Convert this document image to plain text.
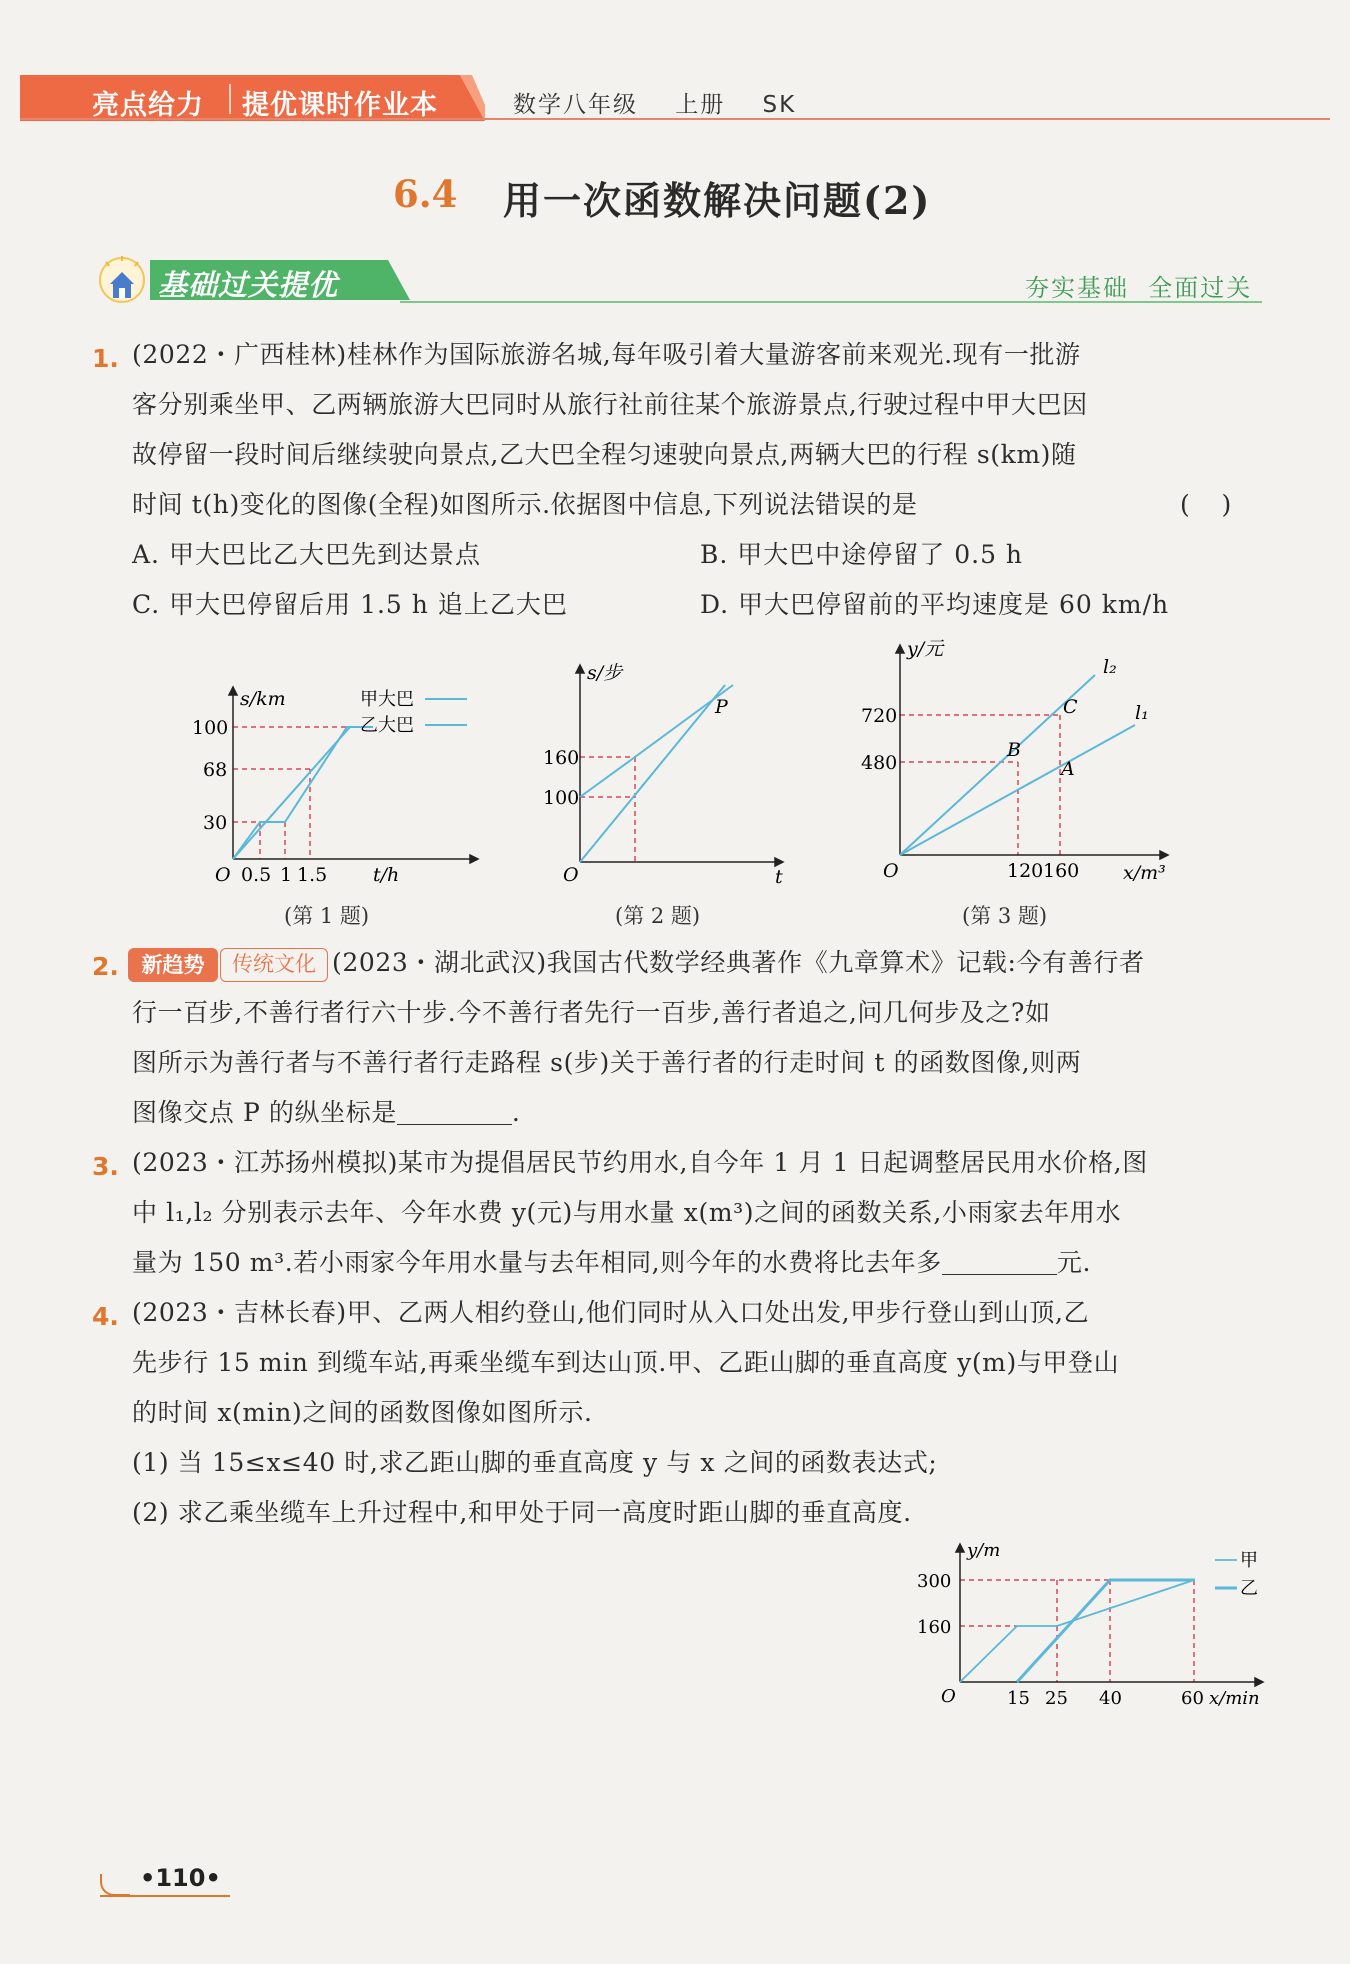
亮点给力 提优课时作业本	数学八年级    上册    SK
6.4 用一次函数解决问题(2)
基础过关提优	夯实基础  全面过关
1. (2022・广西桂林)桂林作为国际旅游名城,每年吸引着大量游客前来观光.现有一批游
客分别乘坐甲、乙两辆旅游大巴同时从旅行社前往某个旅游景点,行驶过程中甲大巴因
故停留一段时间后继续驶向景点,乙大巴全程匀速驶向景点,两辆大巴的行程 s(km)随
时间 t(h)变化的图像(全程)如图所示.依据图中信息,下列说法错误的是	(    )
A. 甲大巴比乙大巴先到达景点	B. 甲大巴中途停留了 0.5 h
C. 甲大巴停留后用 1.5 h 追上乙大巴	D. 甲大巴停留前的平均速度是 60 km/h
s/km
100
68
30
O 0.5 1 1.5 t/h
甲大巴
乙大巴
(第 1 题)
s/步
P
160
100
O	t
(第 2 题)
y/元
l₂
l₁
C
B
A
720
480
O	120 160 x/m³
(第 3 题)
2.	新趋势	传统文化 (2023・湖北武汉)我国古代数学经典著作《九章算术》记载:今有善行者
行一百步,不善行者行六十步.今不善行者先行一百步,善行者追之,问几何步及之?如
图所示为善行者与不善行者行走路程 s(步)关于善行者的行走时间 t 的函数图像,则两
图像交点 P 的纵坐标是	.
3. (2023・江苏扬州模拟)某市为提倡居民节约用水,自今年 1 月 1 日起调整居民用水价格,图
中 l₁,l₂ 分别表示去年、今年水费 y(元)与用水量 x(m³)之间的函数关系,小雨家去年用水
量为 150 m³.若小雨家今年用水量与去年相同,则今年的水费将比去年多	元.
4. (2023・吉林长春)甲、乙两人相约登山,他们同时从入口处出发,甲步行登山到山顶,乙
先步行 15 min 到缆车站,再乘坐缆车到达山顶.甲、乙距山脚的垂直高度 y(m)与甲登山
的时间 x(min)之间的函数图像如图所示.
(1) 当 15≤x≤40 时,求乙距山脚的垂直高度 y 与 x 之间的函数表达式;
(2) 求乙乘坐缆车上升过程中,和甲处于同一高度时距山脚的垂直高度.
y/m
300
160
O	15 25 40	60 x/min
甲
乙
•110•
